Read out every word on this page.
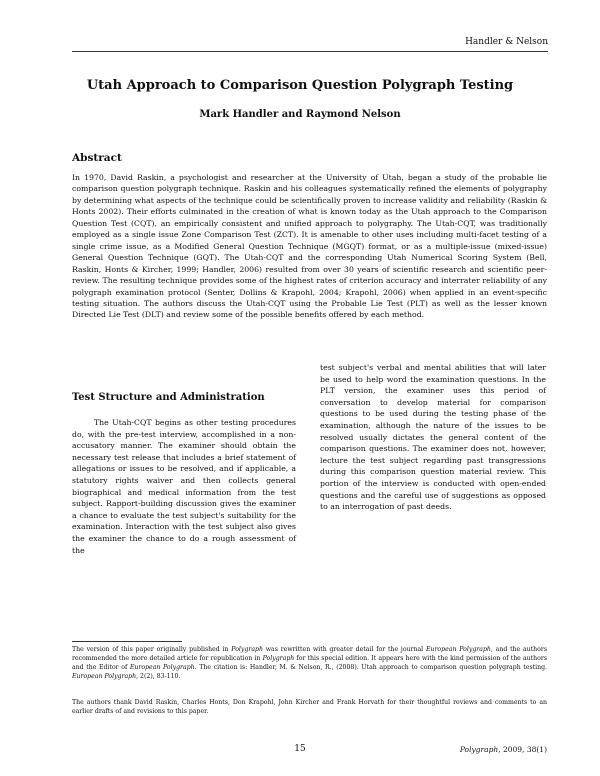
Handler & Nelson
Utah Approach to Comparison Question Polygraph Testing
Mark Handler and Raymond Nelson
Abstract

In 1970, David Raskin, a psychologist and researcher at the University of Utah, began a study of the probable lie comparison question polygraph technique. Raskin and his colleagues systematically refined the elements of polygraphy by determining what aspects of the technique could be scientifically proven to increase validity and reliability (Raskin & Honts 2002). Their efforts culminated in the creation of what is known today as the Utah approach to the Comparison Question Test (CQT), an empirically consistent and unified approach to polygraphy. The Utah-CQT, was traditionally employed as a single issue Zone Comparison Test (ZCT). It is amenable to other uses including multi-facet testing of a single crime issue, as a Modified General Question Technique (MGQT) format, or as a multiple-issue (mixed-issue) General Question Technique (GQT). The Utah-CQT and the corresponding Utah Numerical Scoring System (Bell, Raskin, Honts & Kircher, 1999; Handler, 2006) resulted from over 30 years of scientific research and scientific peer-review. The resulting technique provides some of the highest rates of criterion accuracy and interrater reliability of any polygraph examination protocol (Senter, Dollins & Krapohl, 2004; Krapohl, 2006) when applied in an event-specific testing situation. The authors discuss the Utah-CQT using the Probable Lie Test (PLT) as well as the lesser known Directed Lie Test (DLT) and review some of the possible benefits offered by each method.

Test Structure and Administration

The Utah-CQT begins as other testing procedures do, with the pre-test interview, accomplished in a non-accusatory manner. The examiner should obtain the necessary test release that includes a brief statement of allegations or issues to be resolved, and if applicable, a statutory rights waiver and then collects general biographical and medical information from the test subject. Rapport-building discussion gives the examiner a chance to evaluate the test subject's suitability for the examination. Interaction with the test subject also gives the examiner the chance to do a rough assessment of the

test subject's verbal and mental abilities that will later be used to help word the examination questions. In the PLT version, the examiner uses this period of conversation to develop material for comparison questions to be used during the testing phase of the examination, although the nature of the issues to be resolved usually dictates the general content of the comparison questions. The examiner does not, however, lecture the test subject regarding past transgressions during this comparison question material review. This portion of the interview is conducted with open-ended questions and the careful use of suggestions as opposed to an interrogation of past deeds.

The version of this paper originally published in Polygraph was rewritten with greater detail for the journal European Polygraph, and the authors recommended the more detailed article for republication in Polygraph for this special edition. It appears here with the kind permission of the authors and the Editor of European Polygraph. The citation is: Handler, M. & Nelson, R., (2008). Utah approach to comparison question polygraph testing. European Polygraph, 2(2), 83-110.

The authors thank David Raskin, Charles Honts, Don Krapohl, John Kircher and Frank Horvath for their thoughtful reviews and comments to an earlier drafts of and revisions to this paper.

15	Polygraph, 2009, 38(1)
